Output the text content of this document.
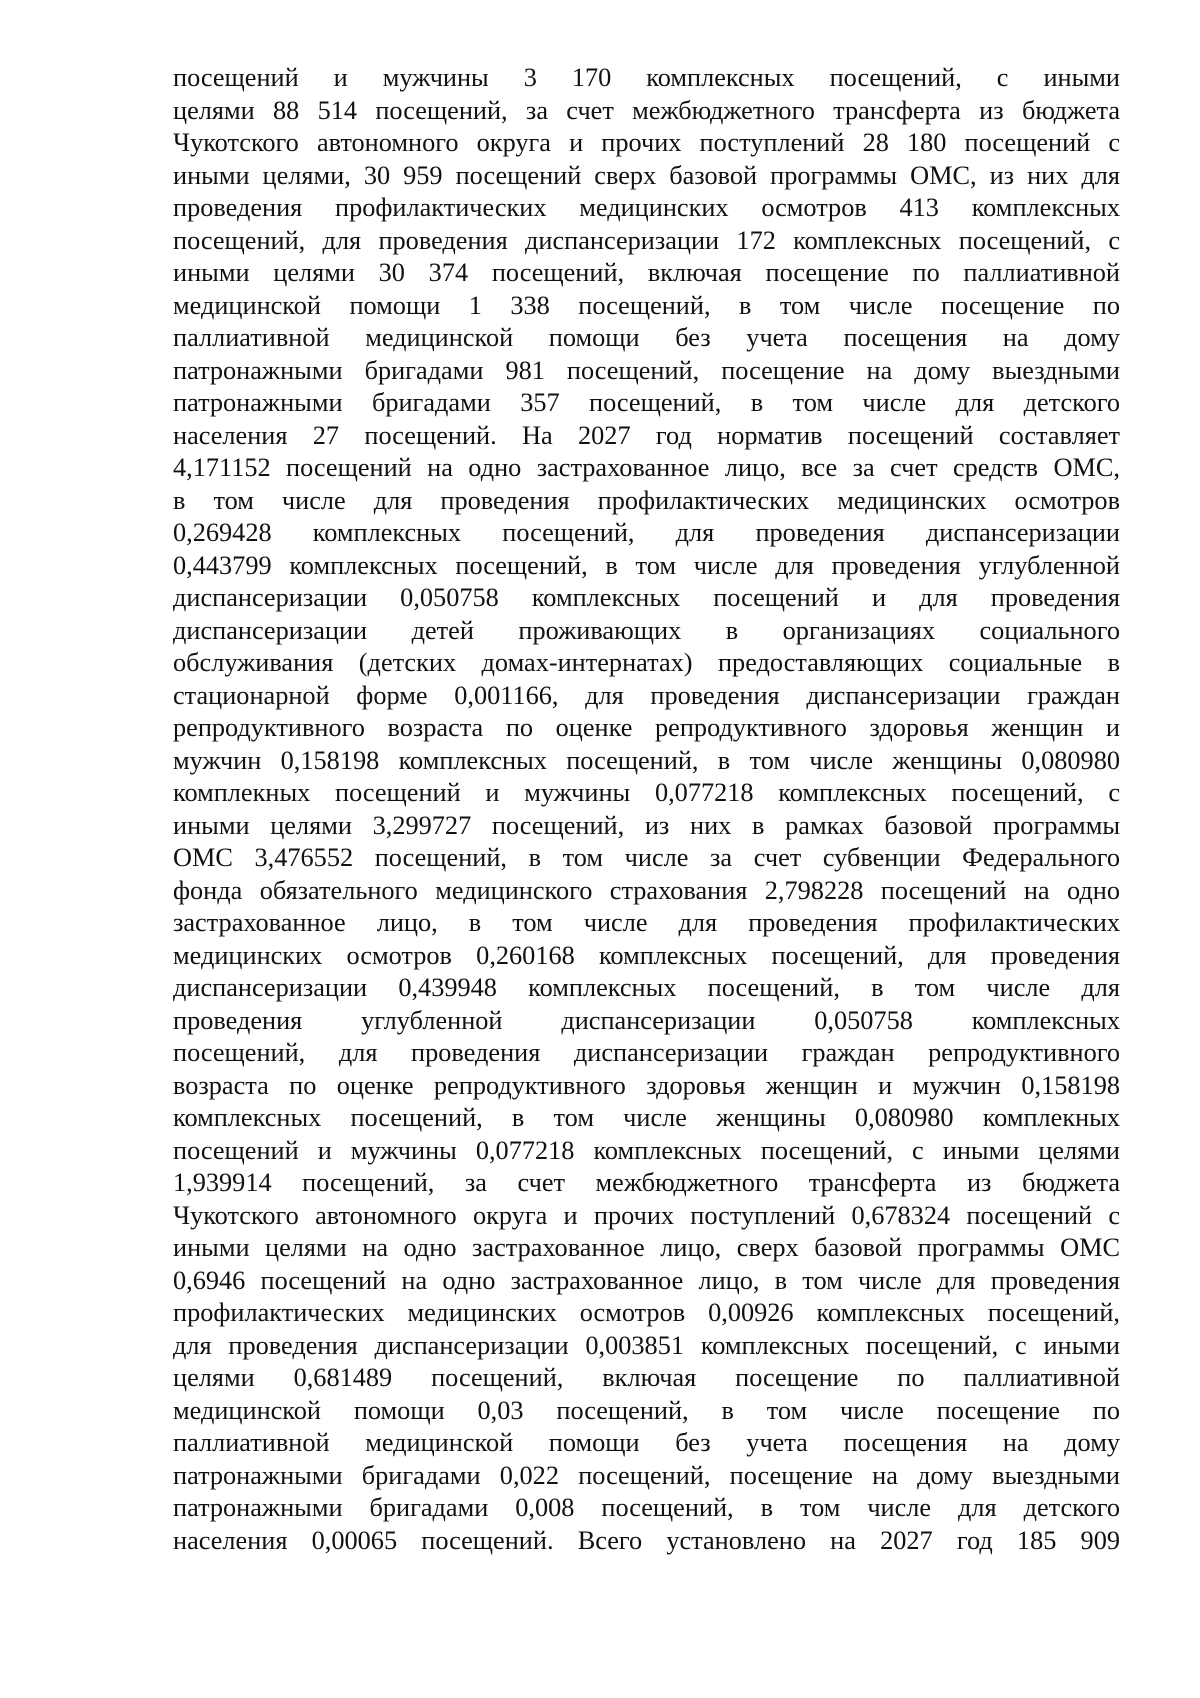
посещений и мужчины 3 170 комплексных посещений, с иными
целями 88 514 посещений, за счет межбюджетного трансферта из бюджета
Чукотского автономного округа и прочих поступлений 28 180 посещений с
иными целями, 30 959 посещений сверх базовой программы ОМС, из них для
проведения профилактических медицинских осмотров 413 комплексных
посещений, для проведения диспансеризации 172 комплексных посещений, с
иными целями 30 374 посещений, включая посещение по паллиативной
медицинской помощи 1 338 посещений, в том числе посещение по
паллиативной медицинской помощи без учета посещения на дому
патронажными бригадами 981 посещений, посещение на дому выездными
патронажными бригадами 357 посещений, в том числе для детского
населения 27 посещений. На 2027 год норматив посещений составляет
4,171152 посещений на одно застрахованное лицо, все за счет средств ОМС,
в том числе для проведения профилактических медицинских осмотров
0,269428 комплексных посещений, для проведения диспансеризации
0,443799 комплексных посещений, в том числе для проведения углубленной
диспансеризации 0,050758 комплексных посещений и для проведения
диспансеризации детей проживающих в организациях социального
обслуживания (детских домах-интернатах) предоставляющих социальные в
стационарной форме 0,001166, для проведения диспансеризации граждан
репродуктивного возраста по оценке репродуктивного здоровья женщин и
мужчин 0,158198 комплексных посещений, в том числе женщины 0,080980
комплекных посещений и мужчины 0,077218 комплексных посещений, с
иными целями 3,299727 посещений, из них в рамках базовой программы
ОМС 3,476552 посещений, в том числе за счет субвенции Федерального
фонда обязательного медицинского страхования 2,798228 посещений на одно
застрахованное лицо, в том числе для проведения профилактических
медицинских осмотров 0,260168 комплексных посещений, для проведения
диспансеризации 0,439948 комплексных посещений, в том числе для
проведения углубленной диспансеризации 0,050758 комплексных
посещений, для проведения диспансеризации граждан репродуктивного
возраста по оценке репродуктивного здоровья женщин и мужчин 0,158198
комплексных посещений, в том числе женщины 0,080980 комплекных
посещений и мужчины 0,077218 комплексных посещений, с иными целями
1,939914 посещений, за счет межбюджетного трансферта из бюджета
Чукотского автономного округа и прочих поступлений 0,678324 посещений с
иными целями на одно застрахованное лицо, сверх базовой программы ОМС
0,6946 посещений на одно застрахованное лицо, в том числе для проведения
профилактических медицинских осмотров 0,00926 комплексных посещений,
для проведения диспансеризации 0,003851 комплексных посещений, с иными
целями 0,681489 посещений, включая посещение по паллиативной
медицинской помощи 0,03 посещений, в том числе посещение по
паллиативной медицинской помощи без учета посещения на дому
патронажными бригадами 0,022 посещений, посещение на дому выездными
патронажными бригадами 0,008 посещений, в том числе для детского
населения 0,00065 посещений. Всего установлено на 2027 год 185 909
